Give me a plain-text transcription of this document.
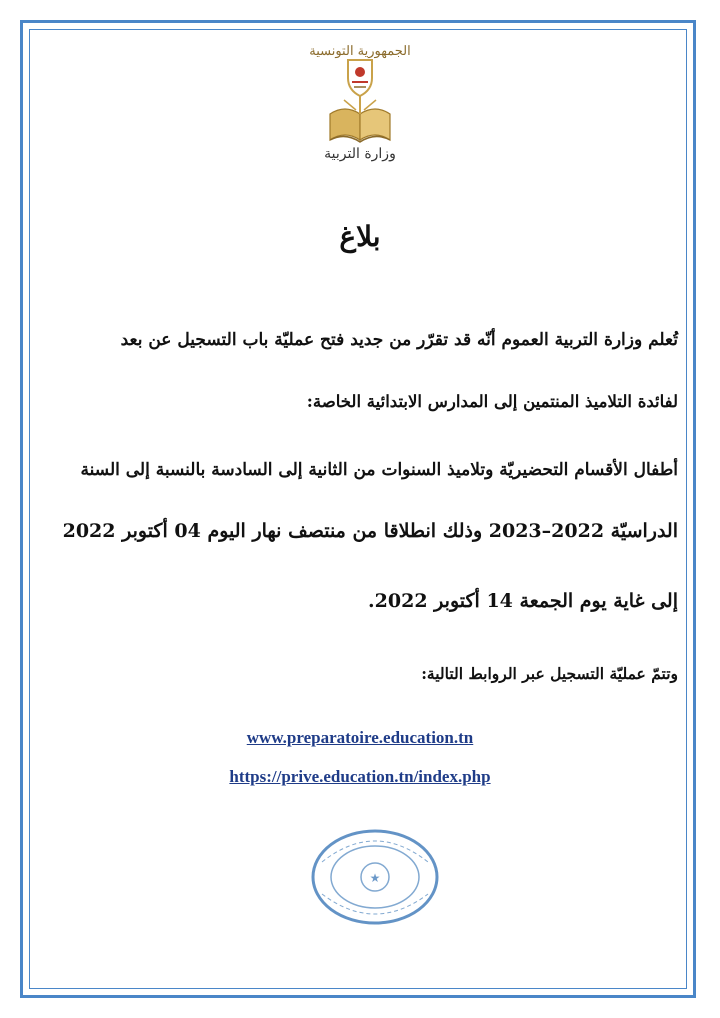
الجمهورية التونسية
وزارة التربية
بلاغ
تُعلم وزارة التربية العموم أنّه قد تقرّر من جديد فتح عمليّة باب التسجيل عن بعد
لفائدة التلاميذ المنتمين إلى المدارس الابتدائية الخاصة:
أطفال الأقسام التحضيريّة وتلاميذ السنوات من الثانية إلى السادسة بالنسبة إلى السنة
الدراسيّة 2022–2023 وذلك انطلاقا من منتصف نهار اليوم 04 أكتوبر 2022
إلى غاية يوم الجمعة 14 أكتوبر 2022.
وتتمّ عمليّة التسجيل عبر الروابط التالية:
www.preparatoire.education.tn
https://prive.education.tn/index.php
★
